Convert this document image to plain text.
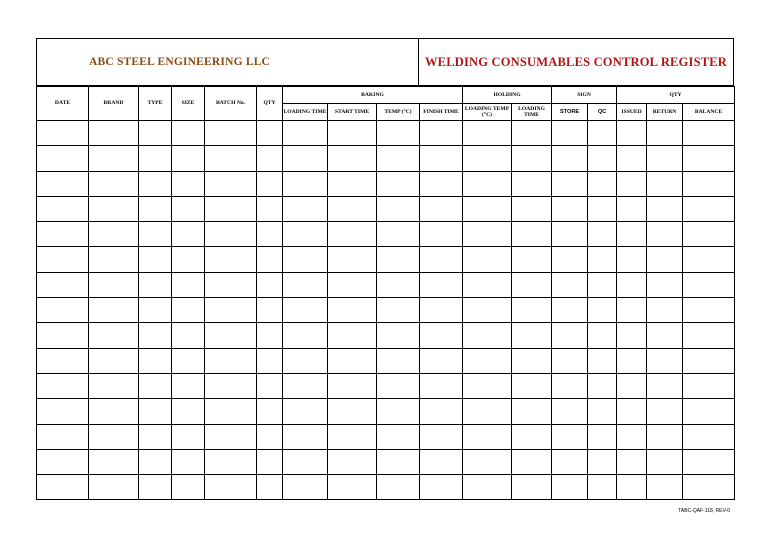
ABC STEEL ENGINEERING LLC	WELDING CONSUMABLES CONTROL REGISTER
DATE	BRAND	TYPE	SIZE	BATCH No.	QTY	BAKING				HOLDING		SIGN		QTY		
						LOADING TIME	START TIME	TEMP (°C)	FINISH TIME	LOADING TEMP (°C)	LOADING TIME	STORE	QC	ISSUED	RETURN	BALANCE

TABC-QAF-118, REV-0
